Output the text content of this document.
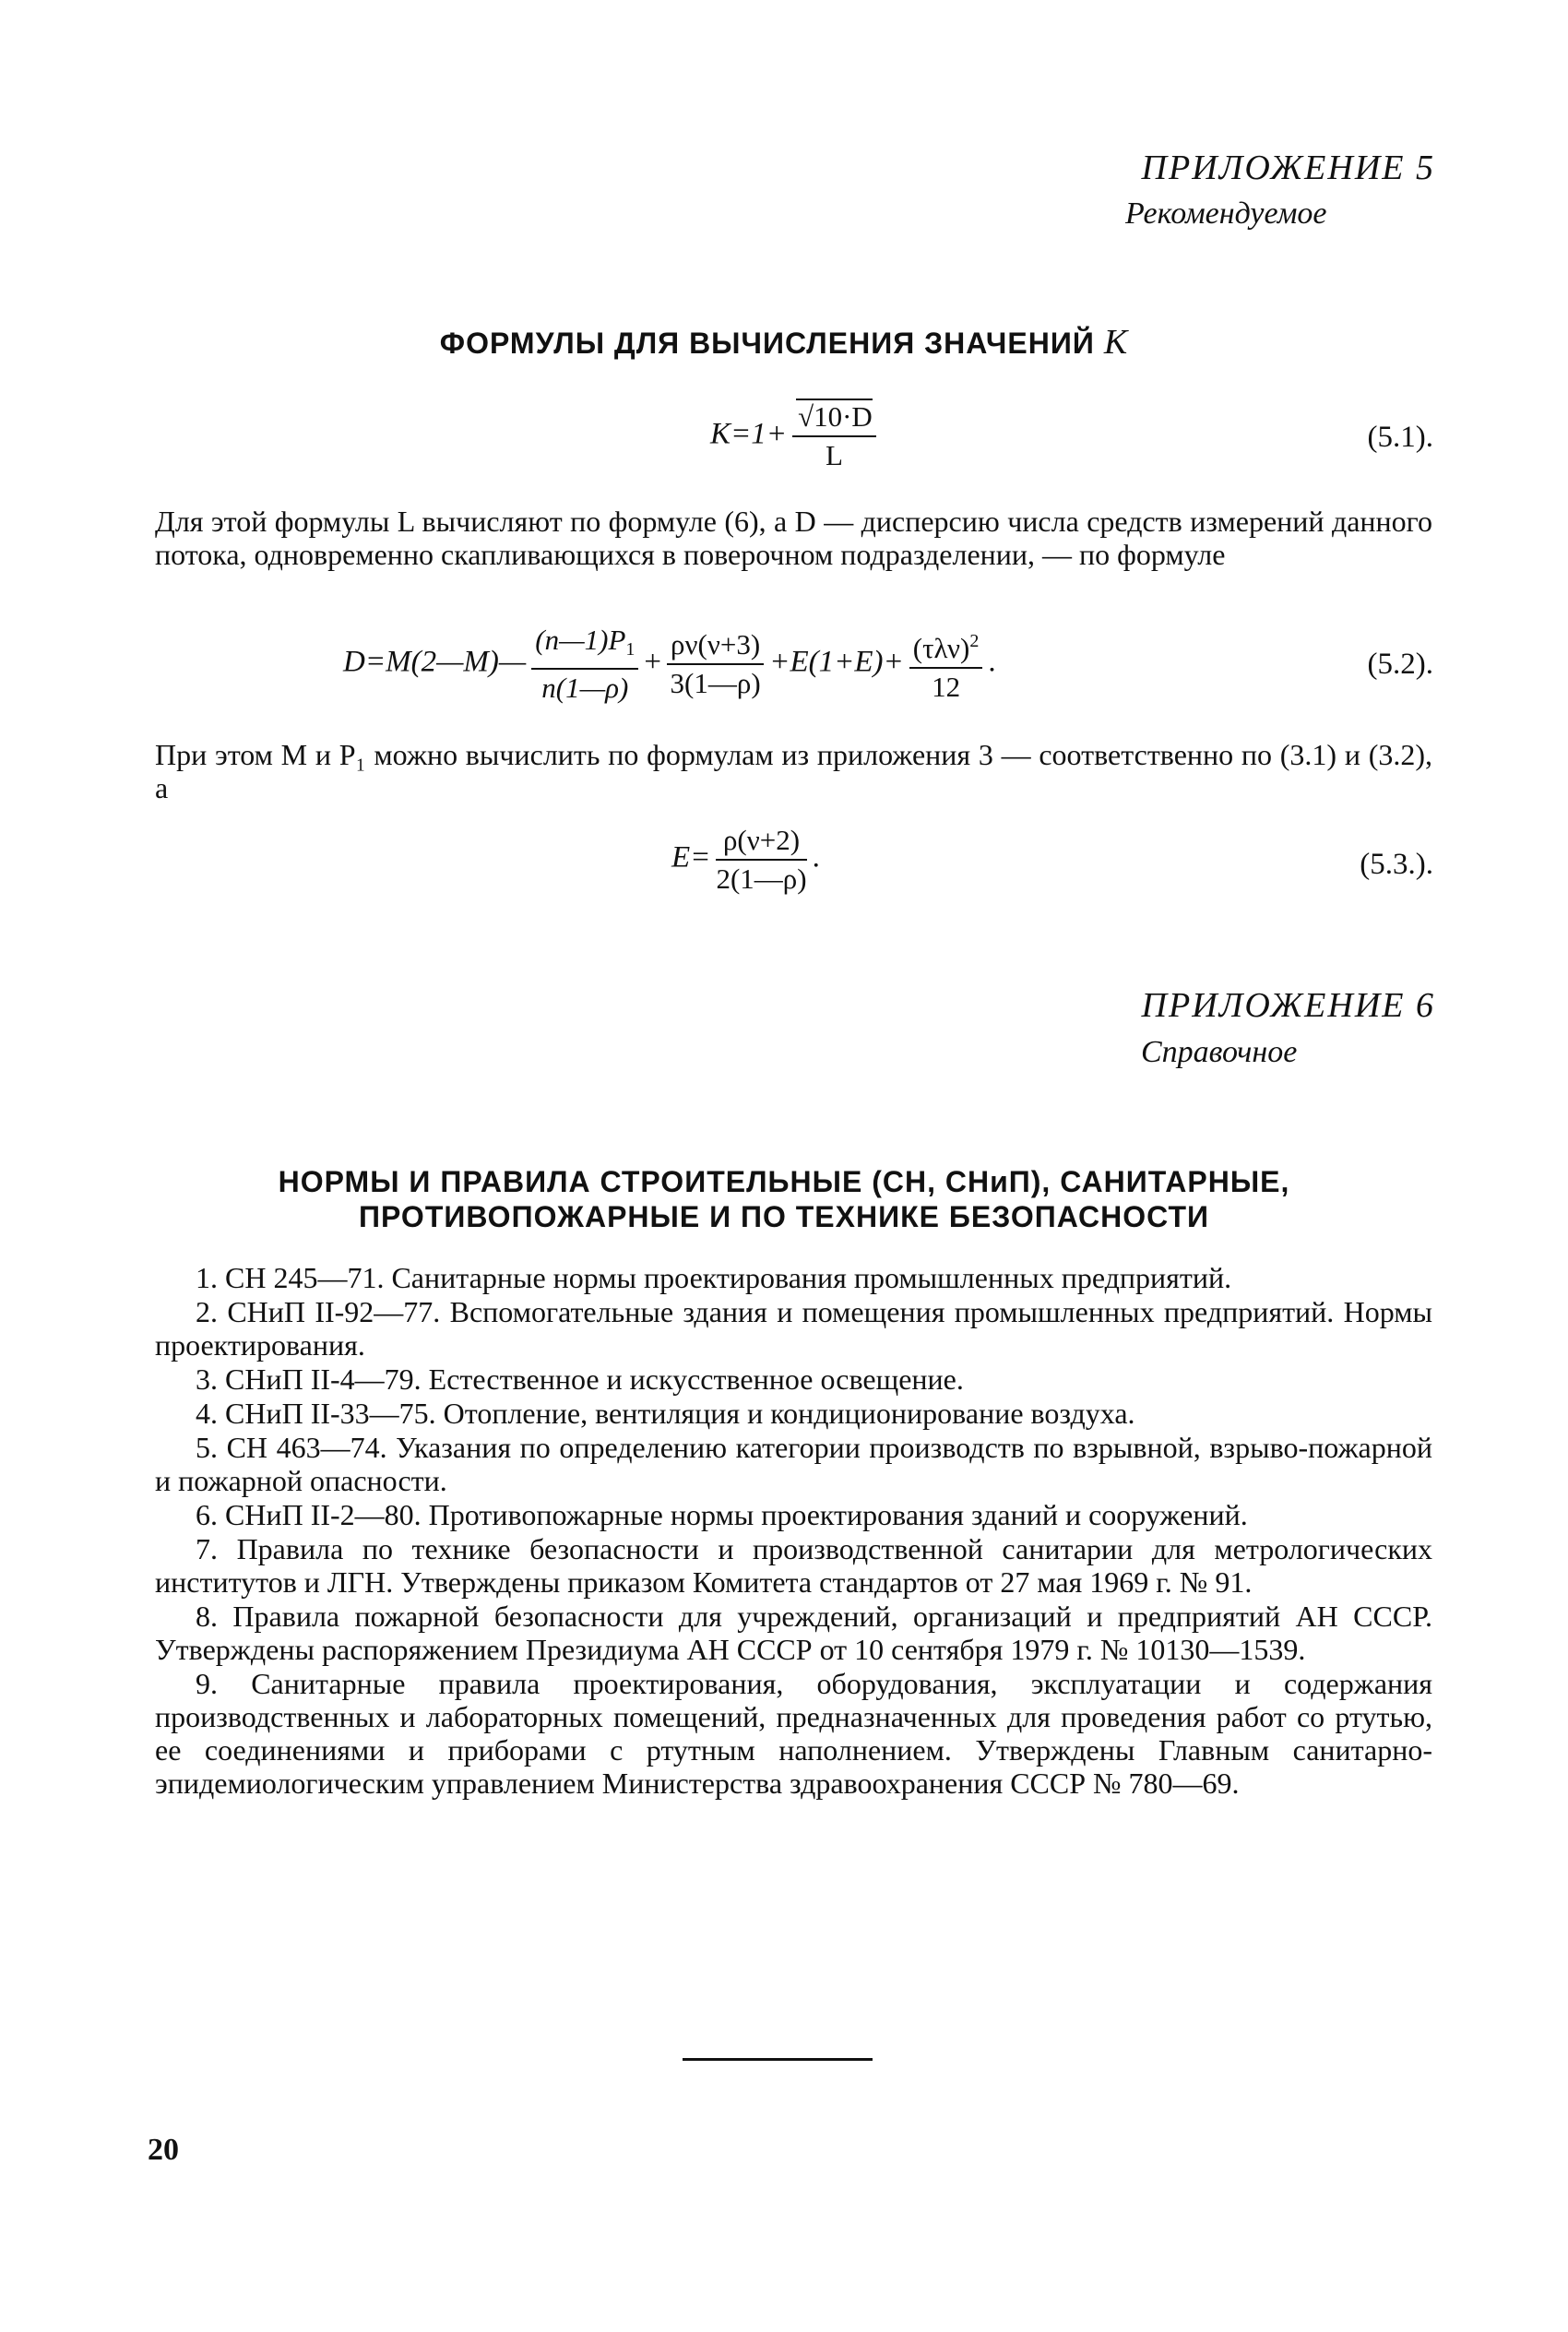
ПРИЛОЖЕНИЕ 5
Рекомендуемое
ФОРМУЛЫ ДЛЯ ВЫЧИСЛЕНИЯ ЗНАЧЕНИЙ K
$K=1+ \frac{√10\cdot D}{L}$	(5.1).
Для этой формулы L вычисляют по формуле (6), а D — дисперсию числа средств измерений данного потока, одновременно скапливающихся в поверочном подразделении, — по формуле
D=M(2—M)— $\frac{(n—1)P_1}{n(1—\rho)} + \frac{\rho\nu(\nu+3)}{3(1—\rho)} +E(1+E)+ \frac{(\tau\lambda\nu)^2}{12}$ .	(5.2).
При этом M и P₁ можно вычислить по формулам из приложения 3 — соответственно по (3.1) и (3.2), а
$E= \frac{\rho(\nu+2)}{2(1—\rho)}$ .	(5.3.).
ПРИЛОЖЕНИЕ 6
Справочное
НОРМЫ И ПРАВИЛА СТРОИТЕЛЬНЫЕ (СН, СНиП), САНИТАРНЫЕ,
ПРОТИВОПОЖАРНЫЕ И ПО ТЕХНИКЕ БЕЗОПАСНОСТИ
1. СН 245—71. Санитарные нормы проектирования промышленных предприятий.
2. СНиП II-92—77. Вспомогательные здания и помещения промышленных предприятий. Нормы проектирования.
3. СНиП II-4—79. Естественное и искусственное освещение.
4. СНиП II-33—75. Отопление, вентиляция и кондиционирование воздуха.
5. СН 463—74. Указания по определению категории производств по взрывной, взрыво-пожарной и пожарной опасности.
6. СНиП II-2—80. Противопожарные нормы проектирования зданий и сооружений.
7. Правила по технике безопасности и производственной санитарии для метрологических институтов и ЛГН. Утверждены приказом Комитета стандартов от 27 мая 1969 г. № 91.
8. Правила пожарной безопасности для учреждений, организаций и предприятий АН СССР. Утверждены распоряжением Президиума АН СССР от 10 сентября 1979 г. № 10130—1539.
9. Санитарные правила проектирования, оборудования, эксплуатации и содержания производственных и лабораторных помещений, предназначенных для проведения работ со ртутью, ее соединениями и приборами с ртутным наполнением. Утверждены Главным санитарно-эпидемиологическим управлением Министерства здравоохранения СССР № 780—69.
20
